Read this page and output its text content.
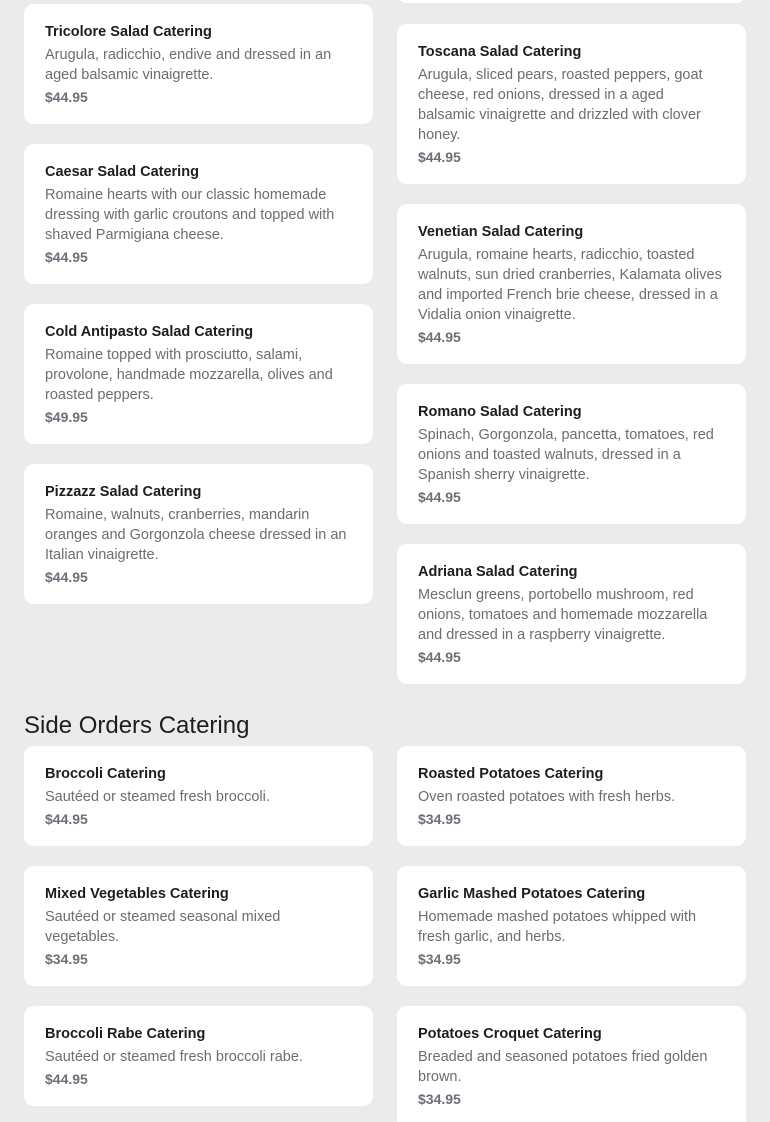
Tricolore Salad Catering
Arugula, radicchio, endive and dressed in an aged balsamic vinaigrette.
$44.95
Toscana Salad Catering
Arugula, sliced pears, roasted peppers, goat cheese, red onions, dressed in a aged balsamic vinaigrette and drizzled with clover honey.
$44.95
Caesar Salad Catering
Romaine hearts with our classic homemade dressing with garlic croutons and topped with shaved Parmigiana cheese.
$44.95
Venetian Salad Catering
Arugula, romaine hearts, radicchio, toasted walnuts, sun dried cranberries, Kalamata olives and imported French brie cheese, dressed in a Vidalia onion vinaigrette.
$44.95
Cold Antipasto Salad Catering
Romaine topped with prosciutto, salami, provolone, handmade mozzarella, olives and roasted peppers.
$49.95	Romano Salad Catering
Spinach, Gorgonzola, pancetta, tomatoes, red onions and toasted walnuts, dressed in a Spanish sherry vinaigrette.
$44.95
Pizzazz Salad Catering
Romaine, walnuts, cranberries, mandarin oranges and Gorgonzola cheese dressed in an Italian vinaigrette.
$44.95	Adriana Salad Catering
Mesclun greens, portobello mushroom, red onions, tomatoes and homemade mozzarella and dressed in a raspberry vinaigrette.
$44.95
Side Orders Catering
Broccoli Catering
Sautéed or steamed fresh broccoli.
$44.95
Roasted Potatoes Catering
Oven roasted potatoes with fresh herbs.
$34.95
Mixed Vegetables Catering
Sautéed or steamed seasonal mixed vegetables.
$34.95
Garlic Mashed Potatoes Catering
Homemade mashed potatoes whipped with fresh garlic, and herbs.
$34.95
Broccoli Rabe Catering
Sautéed or steamed fresh broccoli rabe.
$44.95
Potatoes Croquet Catering
Breaded and seasoned potatoes fried golden brown.
$34.95
